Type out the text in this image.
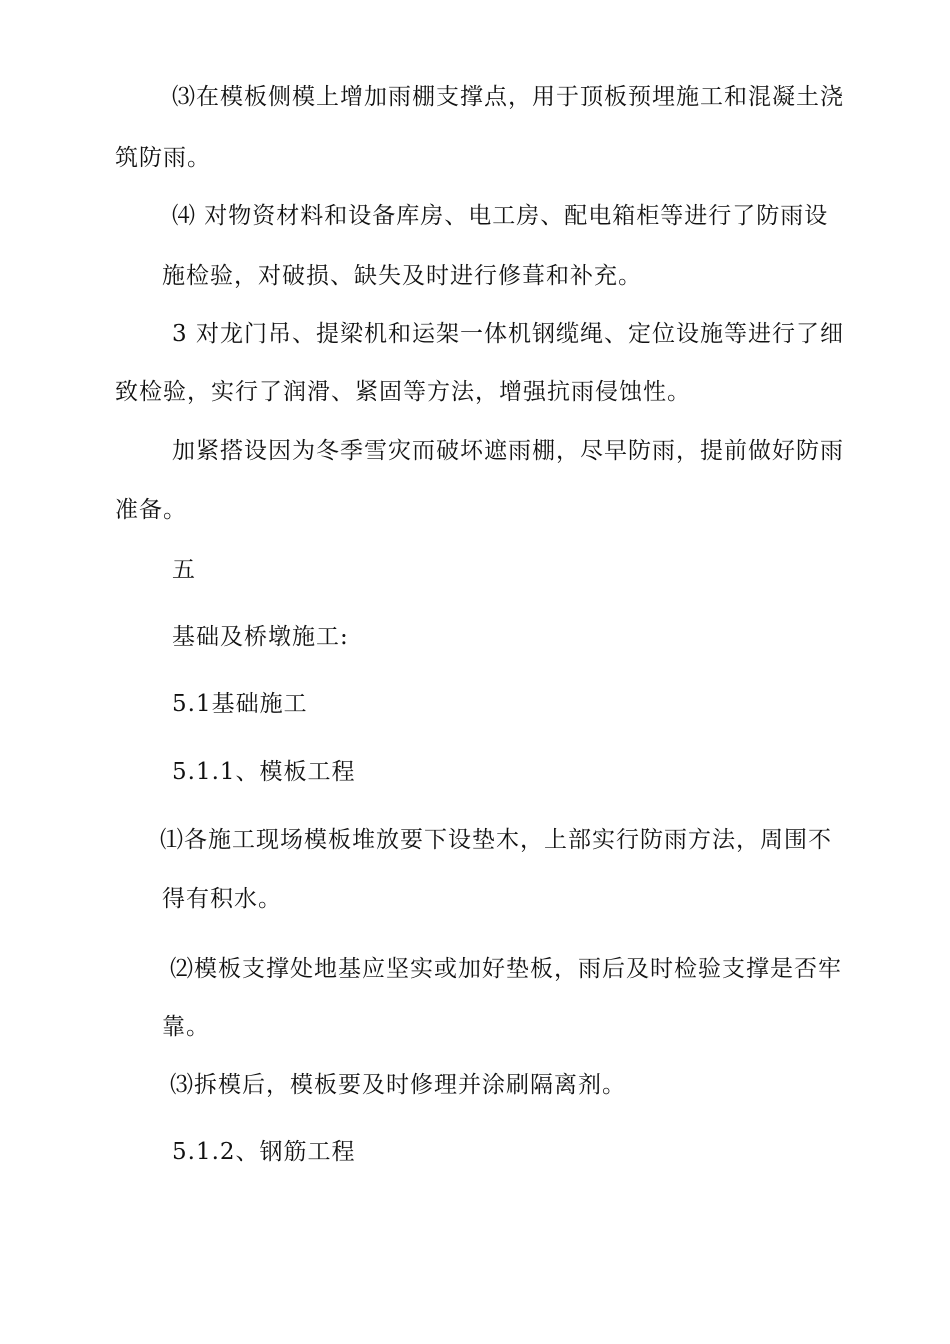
⑶在模板侧模上增加雨棚支撑点，用于顶板预埋施工和混凝土浇
筑防雨。
⑷ 对物资材料和设备库房、电工房、配电箱柜等进行了防雨设
施检验，对破损、缺失及时进行修葺和补充。
3 对龙门吊、提梁机和运架一体机钢缆绳、定位设施等进行了细
致检验，实行了润滑、紧固等方法，增强抗雨侵蚀性。
加紧搭设因为冬季雪灾而破坏遮雨棚，尽早防雨，提前做好防雨
准备。
五
基础及桥墩施工:
5.1基础施工
5.1.1、模板工程
⑴各施工现场模板堆放要下设垫木，上部实行防雨方法，周围不
得有积水。
⑵模板支撑处地基应坚实或加好垫板，雨后及时检验支撑是否牢
靠。
⑶拆模后，模板要及时修理并涂刷隔离剂。
5.1.2、钢筋工程
